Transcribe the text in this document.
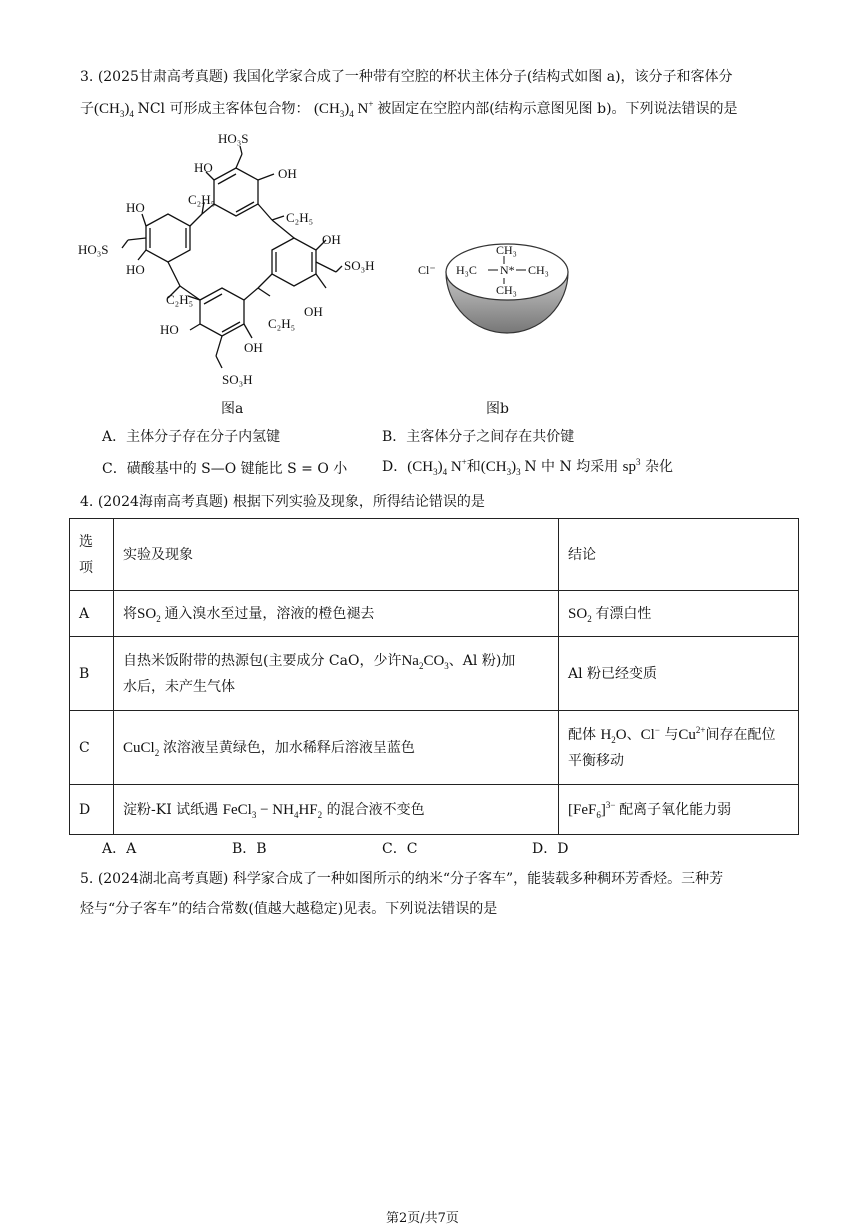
3. (2025甘肃高考真题) 我国化学家合成了一种带有空腔的杯状主体分子(结构式如图 a)，该分子和客体分
子$(CH_3)_4$ NCl 可形成主客体包合物： $(CH_3)_4$ N+ 被固定在空腔内部(结构示意图见图 b)。下列说法错误的是
HO₃S
HO	OH
HO
HO
HO₃S
C₂H₅
C₂H₅
OH
SO₃H
OH
C₂H₅
C₂H₅
HO
OH
SO₃H
图a
Cl⁻
CH₃
H₃C N* CH₃
CH₃
图b
A．主体分子存在分子内氢键	B．主客体分子之间存在共价键
C．磺酸基中的 S—O 键能比 S = O 小 D．$(CH_3)_4$ N+和$(CH_3)_3$ N 中 N 均采用 $sp^3$ 杂化
4. (2024海南高考真题) 根据下列实验及现象，所得结论错误的是
选
项	实验及现象	结论
A	将$SO_2$ 通入溴水至过量，溶液的橙色褪去	$SO_2$ 有漂白性
B	自热米饭附带的热源包(主要成分 CaO，少许$Na_2CO_3$、Al 粉)加
水后，未产生气体	Al 粉已经变质
C	CuCl$_2$ 浓溶液呈黄绿色，加水稀释后溶液呈蓝色	配体 $H_2O$、Cl− 与$Cu^{2+}$间存在配位
平衡移动

D	淀粉-KI 试纸遇 FeCl$_3$ − $NH_4HF_2$ 的混合液不变色	$[FeF_6]^{3-}$ 配离子氧化能力弱
A．A	B．B	C．C	D．D
5. (2024湖北高考真题) 科学家合成了一种如图所示的纳米“分子客车”，能装载多种稠环芳香烃。三种芳
烃与“分子客车”的结合常数(值越大越稳定)见表。下列说法错误的是
第2页/共7页
